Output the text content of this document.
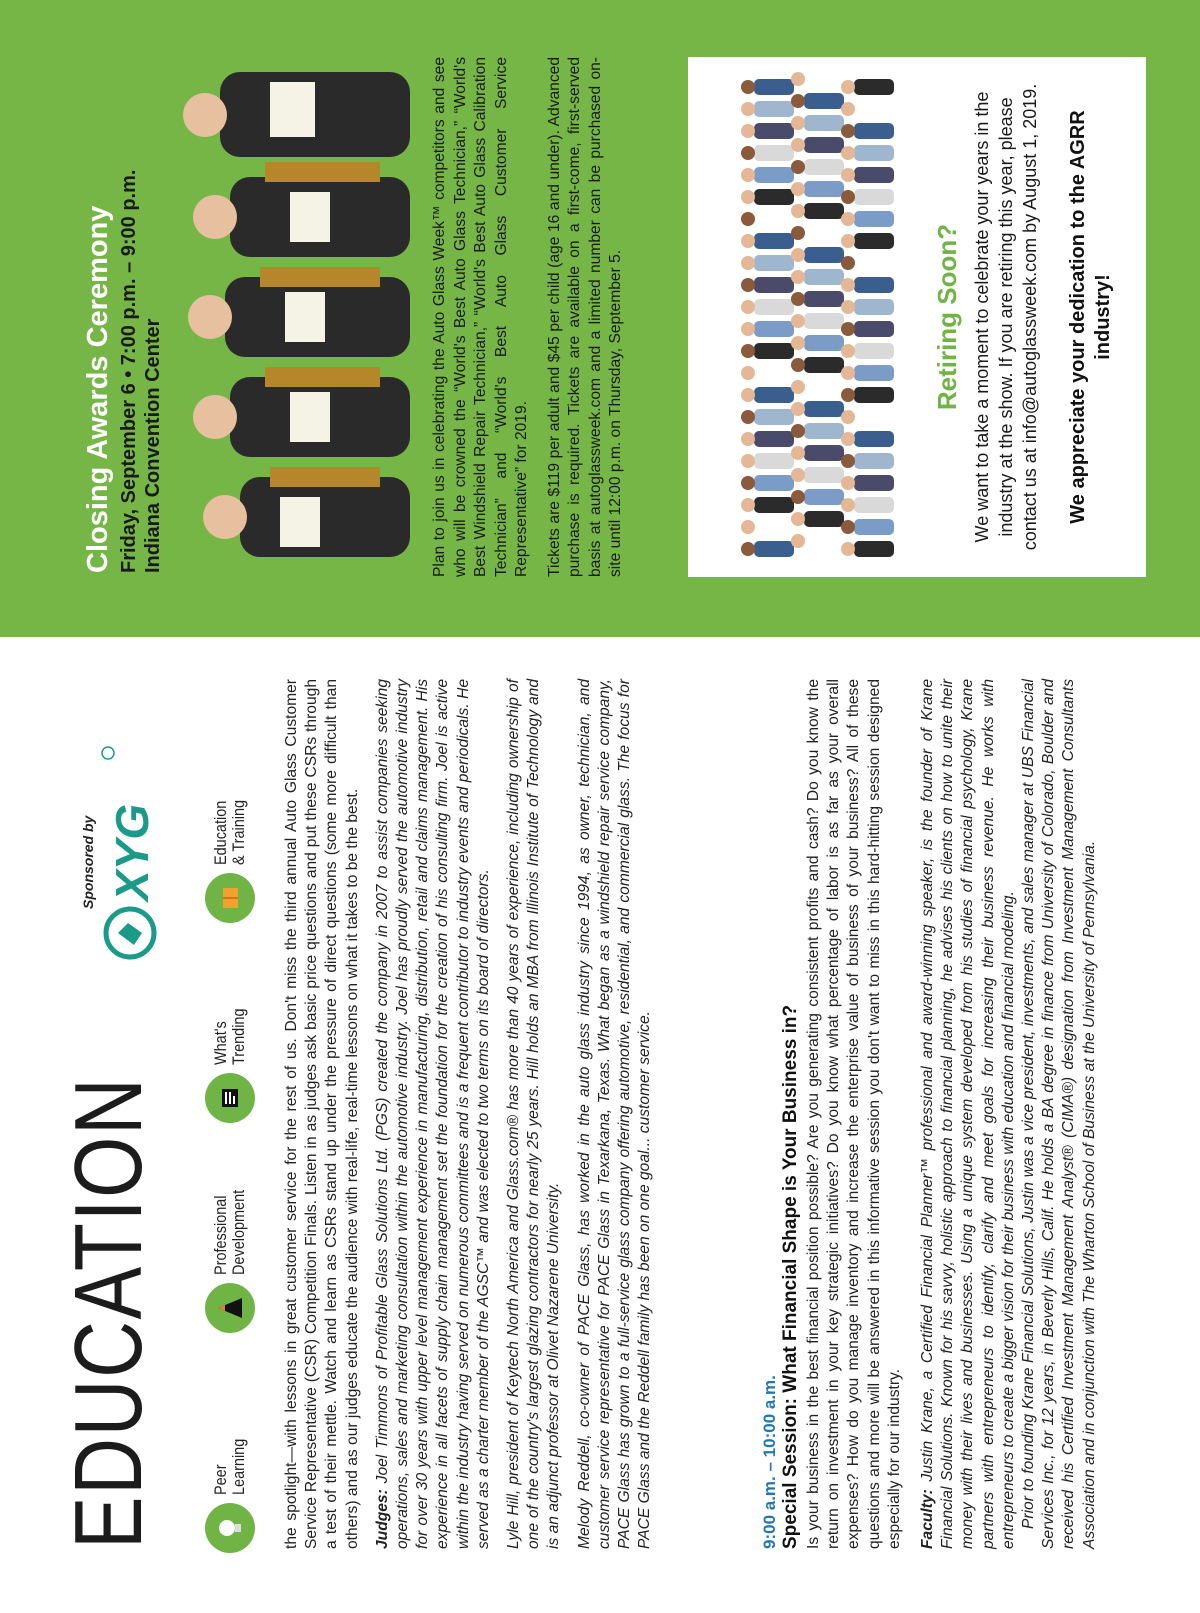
EDUCATION
Sponsored by XYG
Peer
Learning
Professional
Development
What's
Trending
Education
& Training the spotlight—with lessons in great customer service for the rest of us. Don't miss the third annual Auto Glass Customer Service Representative (CSR) Competition Finals. Listen in as judges ask basic price questions and put these CSRs through a test of their mettle. Watch and learn as CSRs stand up under the pressure of direct questions (some more difficult than others) and as our judges educate the audience with real-life, real-time lessons on what it takes to be the best. Judges: Joel Timmons of Profitable Glass Solutions Ltd. (PGS) created the company in 2007 to assist companies seeking operations, sales and marketing consultation within the automotive industry. Joel has proudly served the automotive industry for over 30 years with upper level management experience in manufacturing, distribution, retail and claims management. His experience in all facets of supply chain management set the foundation for the creation of his consulting firm. Joel is active within the industry having served on numerous committees and is a frequent contributor to industry events and periodicals. He served as a charter member of the AGSC™ and was elected to two terms on its board of directors. Lyle Hill, president of Keytech North America and Glass.com® has more than 40 years of experience, including ownership of one of the country's largest glazing contractors for nearly 25 years. Hill holds an MBA from Illinois Institute of Technology and is an adjunct professor at Olivet Nazarene University. Melody Reddell, co-owner of PACE Glass, has worked in the auto glass industry since 1994, as owner, technician, and customer service representative for PACE Glass in Texarkana, Texas. What began as a windshield repair service company, PACE Glass has grown to a full-service glass company offering automotive, residential, and commercial glass. The focus for PACE Glass and the Reddell family has been on one goal... customer service.	9:00 a.m. – 10:00 a.m. Special Session: What Financial Shape is Your Business in? Is your business in the best financial position possible? Are you generating consistent profits and cash? Do you know the return on investment in your key strategic initiatives? Do you know what percentage of labor is as far as your overall expenses? How do you manage inventory and increase the enterprise value of business of your business? All of these questions and more will be answered in this informative session you don't want to miss in this hard-hitting session designed especially for our industry. Faculty: Justin Krane, a Certified Financial Planner™ professional and award-winning speaker, is the founder of Krane Financial Solutions. Known for his savvy, holistic approach to financial planning, he advises his clients on how to unite their money with their lives and businesses. Using a unique system developed from his studies of financial psychology, Krane partners with entrepreneurs to identify, clarify and meet goals for increasing their business revenue. He works with entrepreneurs to create a bigger vision for their business with education and financial modeling. Prior to founding Krane Financial Solutions, Justin was a vice president, investments, and sales manager at UBS Financial Services Inc., for 12 years, in Beverly Hills, Calif. He holds a BA degree in finance from University of Colorado, Boulder and received his Certified Investment Management Analyst® (CIMA®) designation from Investment Management Consultants Association and in conjunction with The Wharton School of Business at the University of Pennsylvania.

Closing Awards Ceremony Friday, September 6 • 7:00 p.m. – 9:00 p.m. Indiana Convention Center	Plan to join us in celebrating the Auto Glass Week™ competitors and see who will be crowned the “World's Best Auto Glass Technician,” “World's Best Windshield Repair Technician,” “World's Best Auto Glass Calibration Technician” and “World's Best Auto Glass Customer Service Representative” for 2019. Tickets are $119 per adult and $45 per child (age 16 and under). Advanced purchase is required. Tickets are available on a first-come, first-served basis at autoglassweek.com and a limited number can be purchased on-site until 12:00 p.m. on Thursday, September 5.	Retiring Soon? We want to take a moment to celebrate your years in the industry at the show. If you are retiring this year, please contact us at info@autoglassweek.com by August 1, 2019. We appreciate your dedication to the AGRR industry!
